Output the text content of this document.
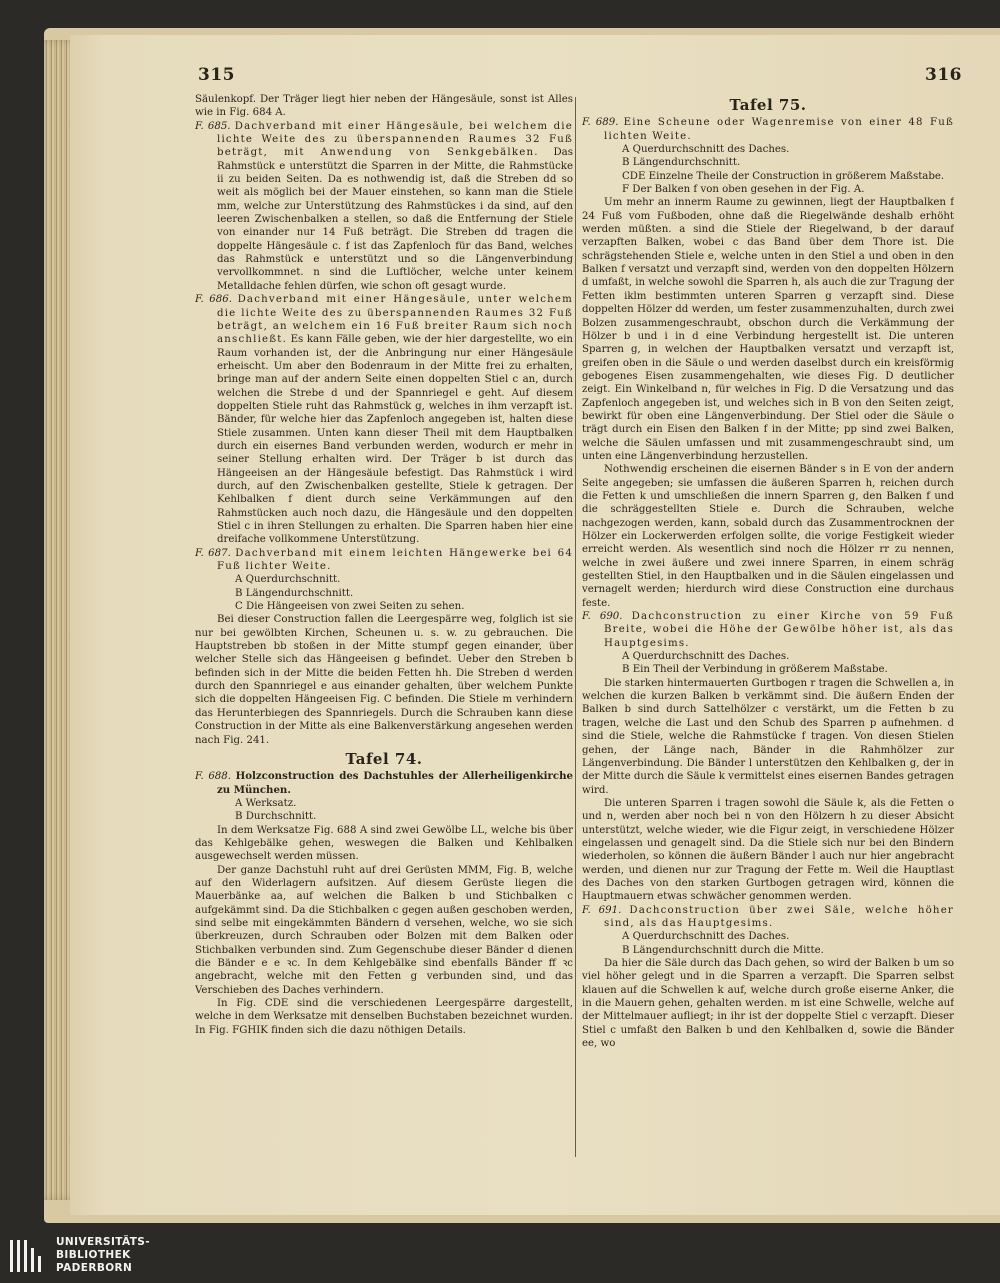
315	316

Säulenkopf. Der Träger liegt hier neben der Hängesäule, sonst ist Alles wie in Fig. 684 A.

F. 685. Dachverband mit einer Hängesäule, bei welchem die lichte Weite des zu überspannenden Raumes 32 Fuß beträgt, mit Anwendung von Senkgebälken. Das Rahmstück e unterstützt die Sparren in der Mitte, die Rahmstücke ii zu beiden Seiten. Da es nothwendig ist, daß die Streben dd so weit als möglich bei der Mauer einstehen, so kann man die Stiele mm, welche zur Unterstützung des Rahmstückes i da sind, auf den leeren Zwischenbalken a stellen, so daß die Entfernung der Stiele von einander nur 14 Fuß beträgt. Die Streben dd tragen die doppelte Hängesäule c. f ist das Zapfenloch für das Band, welches das Rahmstück e unterstützt und so die Längenverbindung vervollkommnet. n sind die Luftlöcher, welche unter keinem Metalldache fehlen dürfen, wie schon oft gesagt wurde.
F. 686. Dachverband mit einer Hängesäule, unter welchem die lichte Weite des zu überspannenden Raumes 32 Fuß beträgt, an welchem ein 16 Fuß breiter Raum sich noch anschließt. Es kann Fälle geben, wie der hier dargestellte, wo ein Raum vorhanden ist, der die Anbringung nur einer Hängesäule erheischt. Um aber den Bodenraum in der Mitte frei zu erhalten, bringe man auf der andern Seite einen doppelten Stiel c an, durch welchen die Strebe d und der Spannriegel e geht. Auf diesem doppelten Stiele ruht das Rahmstück g, welches in ihm verzapft ist. Bänder, für welche hier das Zapfenloch angegeben ist, halten diese Stiele zusammen. Unten kann dieser Theil mit dem Hauptbalken durch ein eisernes Band verbunden werden, wodurch er mehr in seiner Stellung erhalten wird. Der Träger b ist durch das Hängeeisen an der Hängesäule befestigt. Das Rahmstück i wird durch, auf den Zwischenbalken gestellte, Stiele k getragen. Der Kehlbalken f dient durch seine Verkämmungen auf den Rahmstücken auch noch dazu, die Hängesäule und den doppelten Stiel c in ihren Stellungen zu erhalten. Die Sparren haben hier eine dreifache vollkommene Unterstützung.
F. 687. Dachverband mit einem leichten Hängewerke bei 64 Fuß lichter Weite.
A Querdurchschnitt.
B Längendurchschnitt.
C Die Hängeeisen von zwei Seiten zu sehen.

Bei dieser Construction fallen die Leergespärre weg, folglich ist sie nur bei gewölbten Kirchen, Scheunen u. s. w. zu gebrauchen. Die Hauptstreben bb stoßen in der Mitte stumpf gegen einander, über welcher Stelle sich das Hängeeisen g befindet. Ueber den Streben b befinden sich in der Mitte die beiden Fetten hh. Die Streben d werden durch den Spannriegel e aus einander gehalten, über welchem Punkte sich die doppelten Hängeeisen Fig. C befinden. Die Stiele m verhindern das Herunterbiegen des Spannriegels. Durch die Schrauben kann diese Construction in der Mitte als eine Balkenverstärkung angesehen werden nach Fig. 241.

Tafel 74.
F. 688. Holzconstruction des Dachstuhles der Allerheiligenkirche zu München.
A Werksatz.
B Durchschnitt.

In dem Werksatze Fig. 688 A sind zwei Gewölbe LL, welche bis über das Kehlgebälke gehen, weswegen die Balken und Kehlbalken ausgewechselt werden müssen.

Der ganze Dachstuhl ruht auf drei Gerüsten MMM, Fig. B, welche auf den Widerlagern aufsitzen. Auf diesem Gerüste liegen die Mauerbänke aa, auf welchen die Balken b und Stichbalken c aufgekämmt sind. Da die Stichbalken c gegen außen geschoben werden, sind selbe mit eingekämmten Bändern d versehen, welche, wo sie sich überkreuzen, durch Schrauben oder Bolzen mit dem Balken oder Stichbalken verbunden sind. Zum Gegenschube dieser Bänder d dienen die Bänder e e ꝛc. In dem Kehlgebälke sind ebenfalls Bänder ff ꝛc angebracht, welche mit den Fetten g verbunden sind, und das Verschieben des Daches verhindern.

In Fig. CDE sind die verschiedenen Leergespärre dargestellt, welche in dem Werksatze mit denselben Buchstaben bezeichnet wurden. In Fig. FGHIK finden sich die dazu nöthigen Details.

Tafel 75.
F. 689. Eine Scheune oder Wagenremise von einer 48 Fuß lichten Weite.
A Querdurchschnitt des Daches.
B Längendurchschnitt.
CDE Einzelne Theile der Construction in größerem Maßstabe.
F Der Balken f von oben gesehen in der Fig. A.

Um mehr an innerm Raume zu gewinnen, liegt der Hauptbalken f 24 Fuß vom Fußboden, ohne daß die Riegelwände deshalb erhöht werden müßten. a sind die Stiele der Riegelwand, b der darauf verzapften Balken, wobei c das Band über dem Thore ist. Die schrägstehenden Stiele e, welche unten in den Stiel a und oben in den Balken f versatzt und verzapft sind, werden von den doppelten Hölzern d umfaßt, in welche sowohl die Sparren h, als auch die zur Tragung der Fetten iklm bestimmten unteren Sparren g verzapft sind. Diese doppelten Hölzer dd werden, um fester zusammenzuhalten, durch zwei Bolzen zusammengeschraubt, obschon durch die Verkämmung der Hölzer b und i in d eine Verbindung hergestellt ist. Die unteren Sparren g, in welchen der Hauptbalken versatzt und verzapft ist, greifen oben in die Säule o und werden daselbst durch ein kreisförmig gebogenes Eisen zusammengehalten, wie dieses Fig. D deutlicher zeigt. Ein Winkelband n, für welches in Fig. D die Versatzung und das Zapfenloch angegeben ist, und welches sich in B von den Seiten zeigt, bewirkt für oben eine Längenverbindung. Der Stiel oder die Säule o trägt durch ein Eisen den Balken f in der Mitte; pp sind zwei Balken, welche die Säulen umfassen und mit zusammengeschraubt sind, um unten eine Längenverbindung herzustellen.

Nothwendig erscheinen die eisernen Bänder s in E von der andern Seite angegeben; sie umfassen die äußeren Sparren h, reichen durch die Fetten k und umschließen die innern Sparren g, den Balken f und die schräggestellten Stiele e. Durch die Schrauben, welche nachgezogen werden, kann, sobald durch das Zusammentrocknen der Hölzer ein Lockerwerden erfolgen sollte, die vorige Festigkeit wieder erreicht werden. Als wesentlich sind noch die Hölzer rr zu nennen, welche in zwei äußere und zwei innere Sparren, in einem schräg gestellten Stiel, in den Hauptbalken und in die Säulen eingelassen und vernagelt werden; hierdurch wird diese Construction eine durchaus feste.

F. 690. Dachconstruction zu einer Kirche von 59 Fuß Breite, wobei die Höhe der Gewölbe höher ist, als das Hauptgesims.
A Querdurchschnitt des Daches.
B Ein Theil der Verbindung in größerem Maßstabe.

Die starken hintermauerten Gurtbogen r tragen die Schwellen a, in welchen die kurzen Balken b verkämmt sind. Die äußern Enden der Balken b sind durch Sattelhölzer c verstärkt, um die Fetten b zu tragen, welche die Last und den Schub des Sparren p aufnehmen. d sind die Stiele, welche die Rahmstücke f tragen. Von diesen Stielen gehen, der Länge nach, Bänder in die Rahmhölzer zur Längenverbindung. Die Bänder l unterstützen den Kehlbalken g, der in der Mitte durch die Säule k vermittelst eines eisernen Bandes getragen wird.

Die unteren Sparren i tragen sowohl die Säule k, als die Fetten o und n, werden aber noch bei n von den Hölzern h zu dieser Absicht unterstützt, welche wieder, wie die Figur zeigt, in verschiedene Hölzer eingelassen und genagelt sind. Da die Stiele sich nur bei den Bindern wiederholen, so können die äußern Bänder l auch nur hier angebracht werden, und dienen nur zur Tragung der Fette m. Weil die Hauptlast des Daches von den starken Gurtbogen getragen wird, können die Hauptmauern etwas schwächer genommen werden.

F. 691. Dachconstruction über zwei Säle, welche höher sind, als das Hauptgesims.
A Querdurchschnitt des Daches.
B Längendurchschnitt durch die Mitte.

Da hier die Säle durch das Dach gehen, so wird der Balken b um so viel höher gelegt und in die Sparren a verzapft. Die Sparren selbst klauen auf die Schwellen k auf, welche durch große eiserne Anker, die in die Mauern gehen, gehalten werden. m ist eine Schwelle, welche auf der Mittelmauer aufliegt; in ihr ist der doppelte Stiel c verzapft. Dieser Stiel c umfaßt den Balken b und den Kehlbalken d, sowie die Bänder ee, wo

UNIVERSITÄTS-
BIBLIOTHEK
PADERBORN
